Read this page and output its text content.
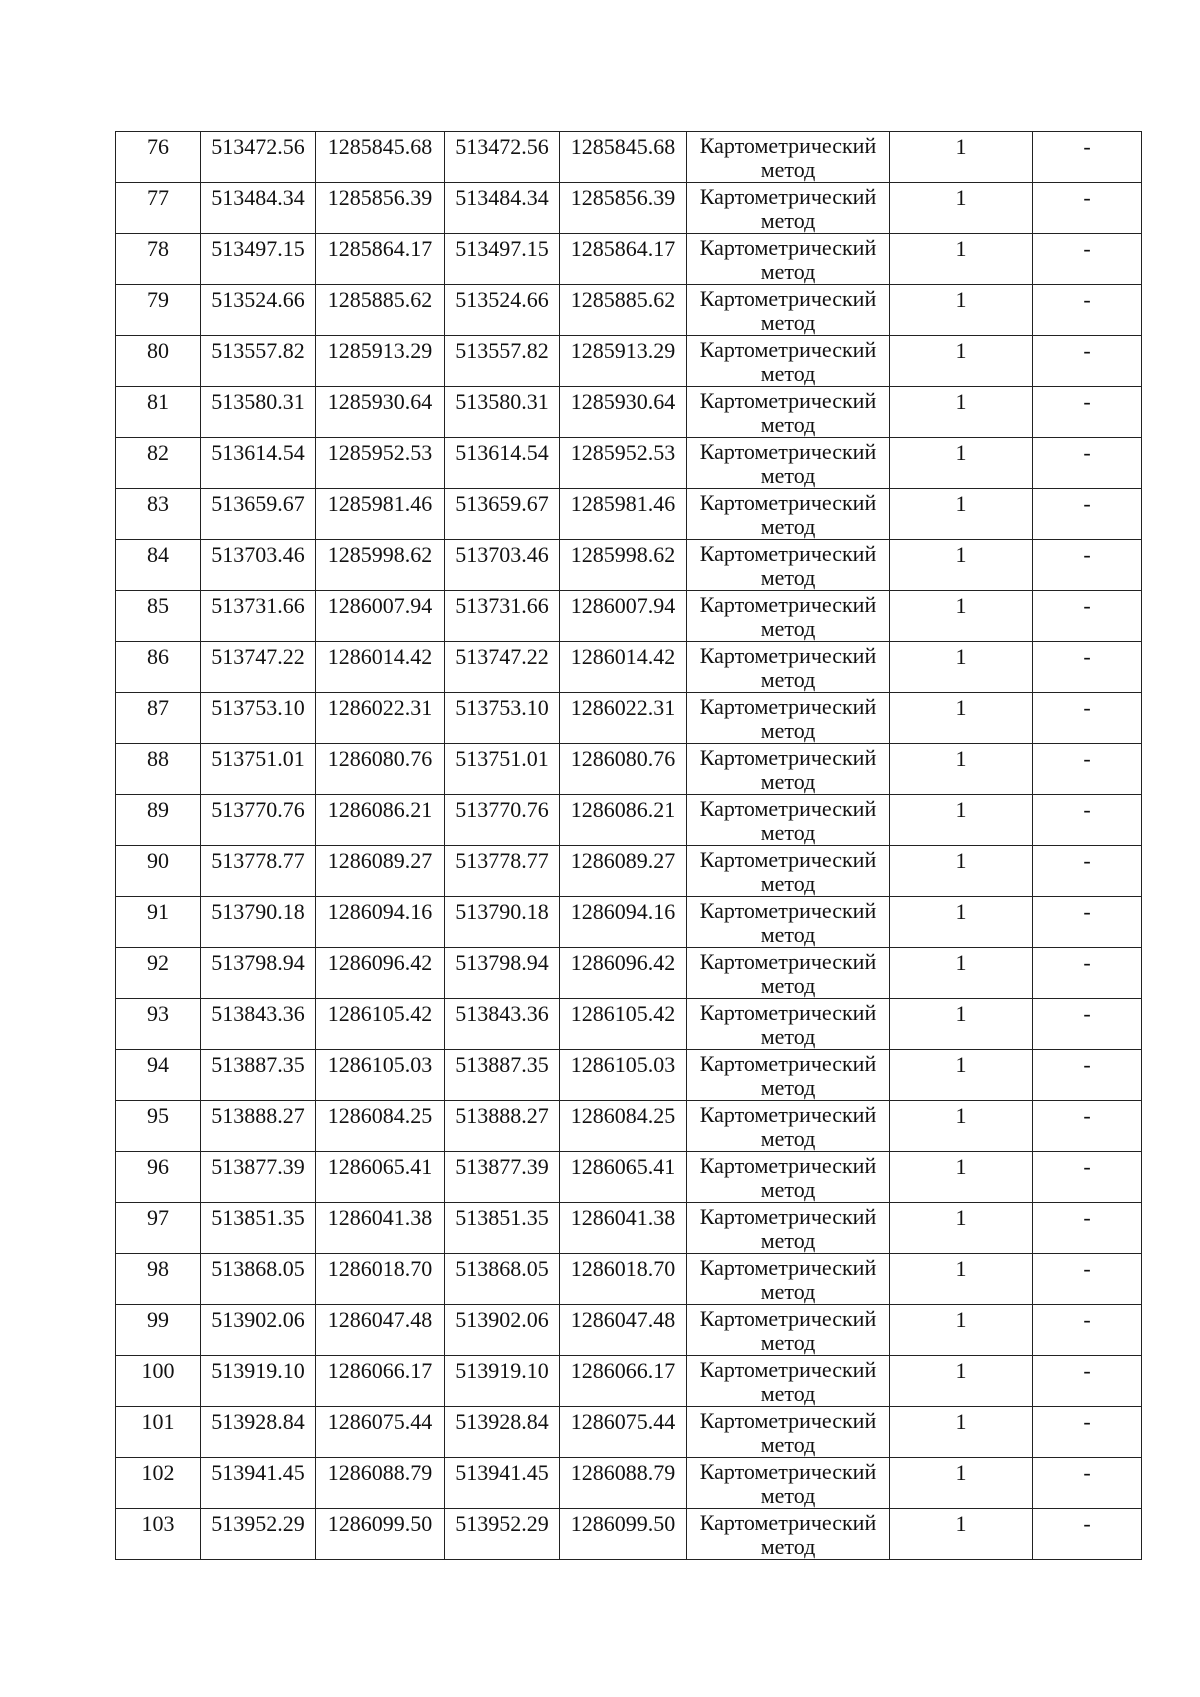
76	513472.56	1285845.68	513472.56	1285845.68	Картометрический
метод	1	-

77	513484.34	1285856.39	513484.34	1285856.39	Картометрический
метод	1	-

78	513497.15	1285864.17	513497.15	1285864.17	Картометрический
метод	1	-

79	513524.66	1285885.62	513524.66	1285885.62	Картометрический
метод	1	-

80	513557.82	1285913.29	513557.82	1285913.29	Картометрический
метод	1	-

81	513580.31	1285930.64	513580.31	1285930.64	Картометрический
метод	1	-

82	513614.54	1285952.53	513614.54	1285952.53	Картометрический
метод	1	-

83	513659.67	1285981.46	513659.67	1285981.46	Картометрический
метод	1	-

84	513703.46	1285998.62	513703.46	1285998.62	Картометрический
метод	1	-

85	513731.66	1286007.94	513731.66	1286007.94	Картометрический
метод	1	-

86	513747.22	1286014.42	513747.22	1286014.42	Картометрический
метод	1	-

87	513753.10	1286022.31	513753.10	1286022.31	Картометрический
метод	1	-

88	513751.01	1286080.76	513751.01	1286080.76	Картометрический
метод	1	-

89	513770.76	1286086.21	513770.76	1286086.21	Картометрический
метод	1	-

90	513778.77	1286089.27	513778.77	1286089.27	Картометрический
метод	1	-

91	513790.18	1286094.16	513790.18	1286094.16	Картометрический
метод	1	-

92	513798.94	1286096.42	513798.94	1286096.42	Картометрический
метод	1	-

93	513843.36	1286105.42	513843.36	1286105.42	Картометрический
метод	1	-

94	513887.35	1286105.03	513887.35	1286105.03	Картометрический
метод	1	-

95	513888.27	1286084.25	513888.27	1286084.25	Картометрический
метод	1	-

96	513877.39	1286065.41	513877.39	1286065.41	Картометрический
метод	1	-

97	513851.35	1286041.38	513851.35	1286041.38	Картометрический
метод	1	-

98	513868.05	1286018.70	513868.05	1286018.70	Картометрический
метод	1	-

99	513902.06	1286047.48	513902.06	1286047.48	Картометрический
метод	1	-

100	513919.10	1286066.17	513919.10	1286066.17	Картометрический
метод	1	-

101	513928.84	1286075.44	513928.84	1286075.44	Картометрический
метод	1	-

102	513941.45	1286088.79	513941.45	1286088.79	Картометрический
метод	1	-

103	513952.29	1286099.50	513952.29	1286099.50	Картометрический
метод	1	-
